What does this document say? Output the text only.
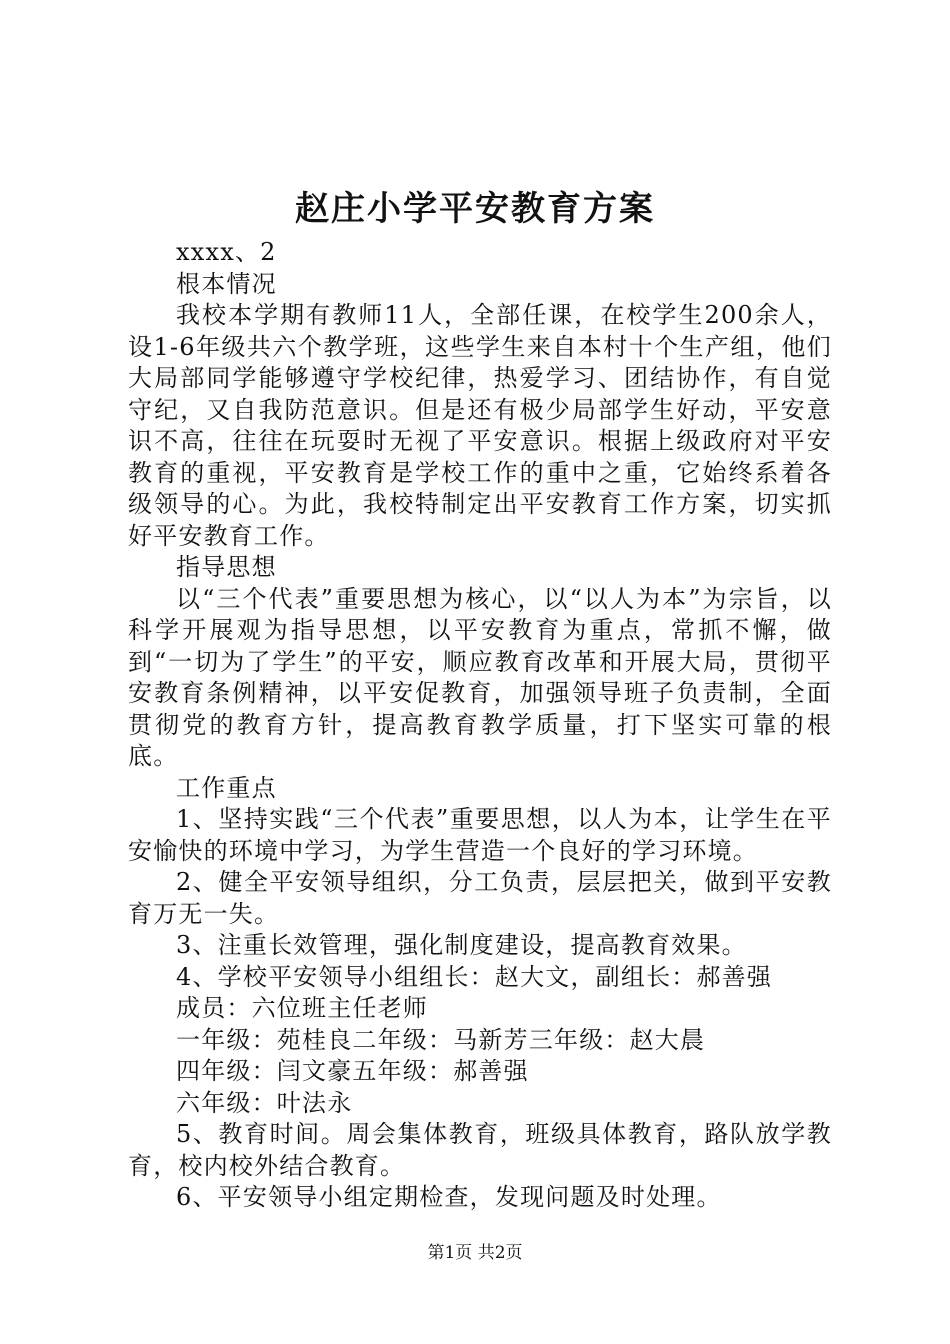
赵庄小学平安教育方案

xxxx、2

根本情况

我校本学期有教师11人，全部任课，在校学生200余人，设1-6年级共六个教学班，这些学生来自本村十个生产组，他们大局部同学能够遵守学校纪律，热爱学习、团结协作，有自觉守纪，又自我防范意识。但是还有极少局部学生好动，平安意识不高，往往在玩耍时无视了平安意识。根据上级政府对平安教育的重视，平安教育是学校工作的重中之重，它始终系着各级领导的心。为此，我校特制定出平安教育工作方案，切实抓好平安教育工作。

指导思想

以“三个代表”重要思想为核心，以“以人为本”为宗旨，以科学开展观为指导思想，以平安教育为重点，常抓不懈，做到“一切为了学生”的平安，顺应教育改革和开展大局，贯彻平安教育条例精神，以平安促教育，加强领导班子负责制，全面贯彻党的教育方针，提高教育教学质量，打下坚实可靠的根底。

工作重点

1、坚持实践“三个代表”重要思想，以人为本，让学生在平安愉快的环境中学习，为学生营造一个良好的学习环境。

2、健全平安领导组织，分工负责，层层把关，做到平安教育万无一失。

3、注重长效管理，强化制度建设，提高教育效果。

4、学校平安领导小组组长：赵大文，副组长：郝善强

成员：六位班主任老师

一年级：苑桂良二年级：马新芳三年级：赵大晨

四年级：闫文豪五年级：郝善强

六年级：叶法永

5、教育时间。周会集体教育，班级具体教育，路队放学教育，校内校外结合教育。

6、平安领导小组定期检查，发现问题及时处理。

第1页 共2页
